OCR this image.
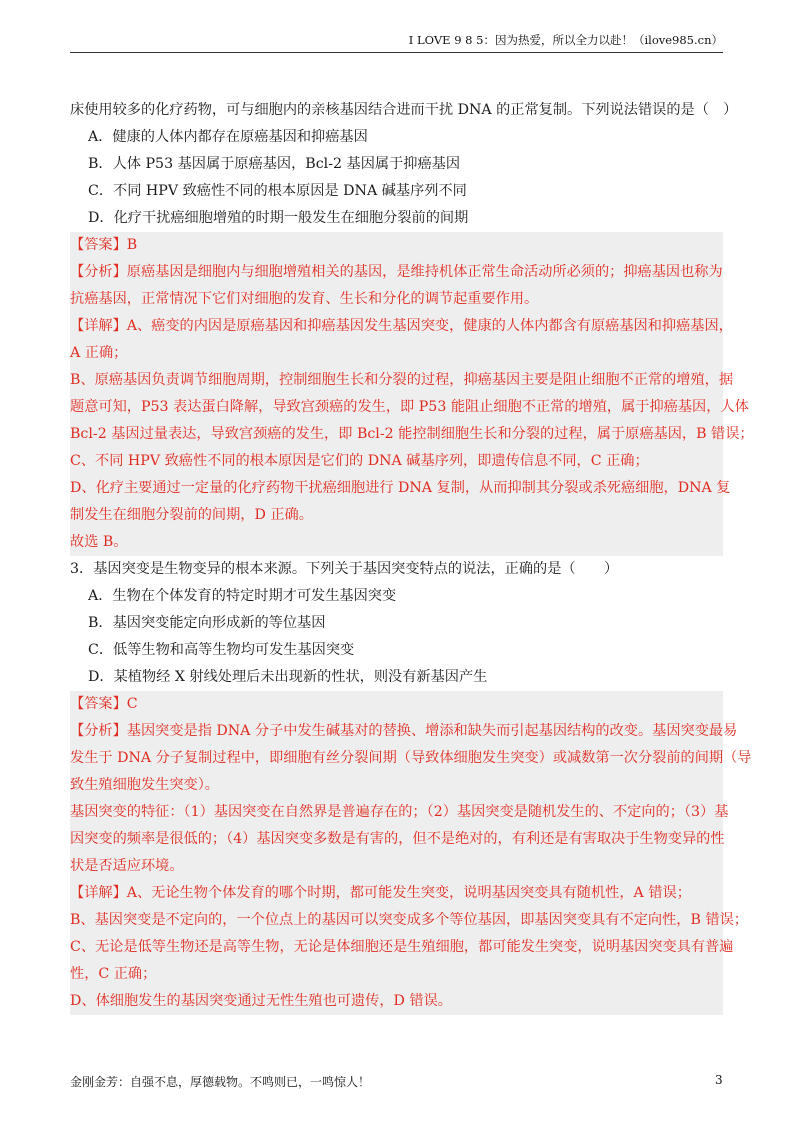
I LOVE 9 8 5：因为热爱，所以全力以赴！（ilove985.cn）
床使用较多的化疗药物，可与细胞内的亲核基因结合进而干扰 DNA 的正常复制。下列说法错误的是（　）
A．健康的人体内都存在原癌基因和抑癌基因
B．人体 P53 基因属于原癌基因，Bcl-2 基因属于抑癌基因
C．不同 HPV 致癌性不同的根本原因是 DNA 碱基序列不同
D．化疗干扰癌细胞增殖的时期一般发生在细胞分裂前的间期
【答案】B
【分析】原癌基因是细胞内与细胞增殖相关的基因，是维持机体正常生命活动所必须的；抑癌基因也称为
抗癌基因，正常情况下它们对细胞的发育、生长和分化的调节起重要作用。
【详解】A、癌变的内因是原癌基因和抑癌基因发生基因突变，健康的人体内都含有原癌基因和抑癌基因，
A 正确；
B、原癌基因负责调节细胞周期，控制细胞生长和分裂的过程，抑癌基因主要是阻止细胞不正常的增殖，据
题意可知，P53 表达蛋白降解，导致宫颈癌的发生，即 P53 能阻止细胞不正常的增殖，属于抑癌基因，人体
Bcl-2 基因过量表达，导致宫颈癌的发生，即 Bcl-2 能控制细胞生长和分裂的过程，属于原癌基因，B 错误；
C、不同 HPV 致癌性不同的根本原因是它们的 DNA 碱基序列，即遗传信息不同，C 正确；
D、化疗主要通过一定量的化疗药物干扰癌细胞进行 DNA 复制，从而抑制其分裂或杀死癌细胞，DNA 复
制发生在细胞分裂前的间期，D 正确。
故选 B。
3．基因突变是生物变异的根本来源。下列关于基因突变特点的说法，正确的是（　　）
A．生物在个体发育的特定时期才可发生基因突变
B．基因突变能定向形成新的等位基因
C．低等生物和高等生物均可发生基因突变
D．某植物经 X 射线处理后未出现新的性状，则没有新基因产生
【答案】C
【分析】基因突变是指 DNA 分子中发生碱基对的替换、增添和缺失而引起基因结构的改变。基因突变最易
发生于 DNA 分子复制过程中，即细胞有丝分裂间期（导致体细胞发生突变）或减数第一次分裂前的间期（导
致生殖细胞发生突变）。
基因突变的特征：（1）基因突变在自然界是普遍存在的；（2）基因突变是随机发生的、不定向的；（3）基
因突变的频率是很低的；（4）基因突变多数是有害的，但不是绝对的，有利还是有害取决于生物变异的性
状是否适应环境。
【详解】A、无论生物个体发育的哪个时期，都可能发生突变，说明基因突变具有随机性，A 错误；
B、基因突变是不定向的，一个位点上的基因可以突变成多个等位基因，即基因突变具有不定向性，B 错误；
C、无论是低等生物还是高等生物，无论是体细胞还是生殖细胞，都可能发生突变，说明基因突变具有普遍
性，C 正确；
D、体细胞发生的基因突变通过无性生殖也可遗传，D 错误。
金刚金芳：自强不息，厚德载物。不鸣则已，一鸣惊人！	3
